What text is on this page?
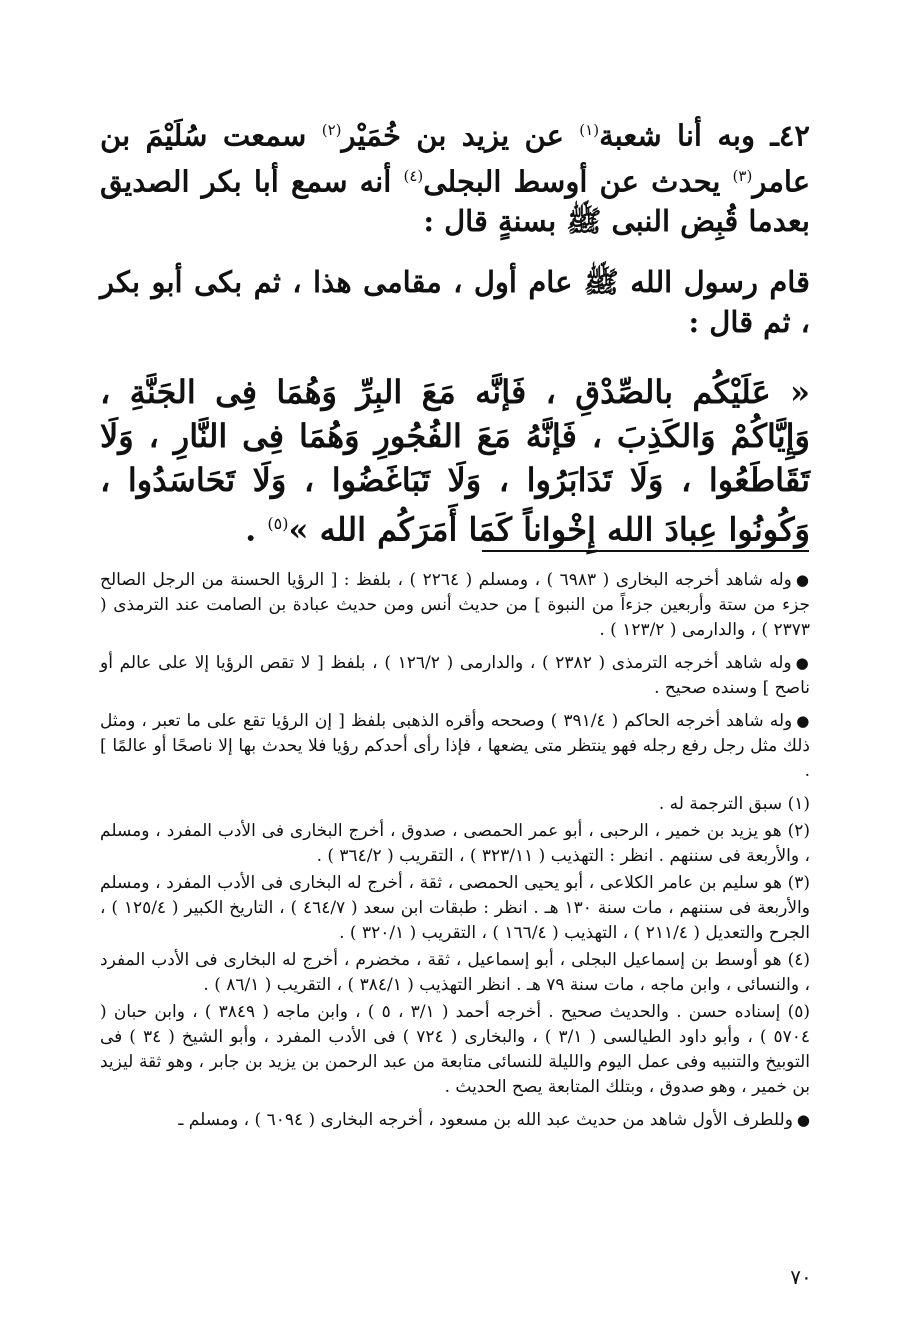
٤٢ـ وبه أنا شعبة$^{(١)}$ عن يزيد بن خُمَيْر$^{(٢)}$ سمعت سُلَيْمَ بن عامر$^{(٣)}$ يحدث عن أوسط البجلى$^{(٤)}$ أنه سمع أبا بكر الصديق بعدما قُبِض النبى ﷺ بسنةٍ قال :
قام رسول الله ﷺ عام أول ، مقامى هذا ، ثم بكى أبو بكر ، ثم قال :
« عَلَيْكُم بالصِّدْقِ ، فَإنَّه مَعَ البِرِّ وَهُمَا فِى الجَنَّةِ ، وَإِيَّاكُمْ وَالكَذِبَ ، فَإنَّهُ مَعَ الفُجُورِ وَهُمَا فِى النَّارِ ، وَلَا تَقَاطَعُوا ، وَلَا تَدَابَرُوا ، وَلَا تَبَاغَضُوا ، وَلَا تَحَاسَدُوا ، وَكُونُوا عِبادَ الله إِخْواناً كَمَا أَمَرَكُم الله »$^{(٥)}$ .

●وله شاهد أخرجه البخارى ( ٦٩٨٣ ) ، ومسلم ( ٢٢٦٤ ) ، بلفظ : [ الرؤيا الحسنة من الرجل الصالح جزء من ستة وأربعين جزءاً من النبوة ] من حديث أنس ومن حديث عبادة بن الصامت عند الترمذى ( ٢٣٧٣ ) ، والدارمى ( ١٢٣/٢ ) .

●وله شاهد أخرجه الترمذى ( ٢٣٨٢ ) ، والدارمى ( ١٢٦/٢ ) ، بلفظ [ لا تقص الرؤيا إلا على عالم أو ناصح ] وسنده صحيح .

●وله شاهد أخرجه الحاكم ( ٣٩١/٤ ) وصححه وأقره الذهبى بلفظ [ إن الرؤيا تقع على ما تعبر ، ومثل ذلك مثل رجل رفع رجله فهو ينتظر متى يضعها ، فإذا رأى أحدكم رؤيا فلا يحدث بها إلا ناصحًا أو عالمًا ] .

(١) سبق الترجمة له .

(٢) هو يزيد بن خمير ، الرحبى ، أبو عمر الحمصى ، صدوق ، أخرج البخارى فى الأدب المفرد ، ومسلم ، والأربعة فى سننهم . انظر : التهذيب ( ٣٢٣/١١ ) ، التقريب ( ٣٦٤/٢ ) .

(٣) هو سليم بن عامر الكلاعى ، أبو يحيى الحمصى ، ثقة ، أخرج له البخارى فى الأدب المفرد ، ومسلم والأربعة فى سننهم ، مات سنة ١٣٠ هـ . انظر : طبقات ابن سعد ( ٤٦٤/٧ ) ، التاريخ الكبير ( ١٢٥/٤ ) ، الجرح والتعديل ( ٢١١/٤ ) ، التهذيب ( ١٦٦/٤ ) ، التقريب ( ٣٢٠/١ ) .

(٤) هو أوسط بن إسماعيل البجلى ، أبو إسماعيل ، ثقة ، مخضرم ، أخرج له البخارى فى الأدب المفرد ، والنسائى ، وابن ماجه ، مات سنة ٧٩ هـ . انظر التهذيب ( ٣٨٤/١ ) ، التقريب ( ٨٦/١ ) .

(٥) إسناده حسن . والحديث صحيح . أخرجه أحمد ( ٣/١ ، ٥ ) ، وابن ماجه ( ٣٨٤٩ ) ، وابن حبان ( ٥٧٠٤ ) ، وأبو داود الطيالسى ( ٣/١ ) ، والبخارى ( ٧٢٤ ) فى الأدب المفرد ، وأبو الشيخ ( ٣٤ ) فى التوبيخ والتنبيه وفى عمل اليوم والليلة للنسائى متابعة من عبد الرحمن بن يزيد بن جابر ، وهو ثقة ليزيد بن خمير ، وهو صدوق ، وبتلك المتابعة يصح الحديث .

●وللطرف الأول شاهد من حديث عبد الله بن مسعود ، أخرجه البخارى ( ٦٠٩٤ ) ، ومسلم ـ

٧٠
